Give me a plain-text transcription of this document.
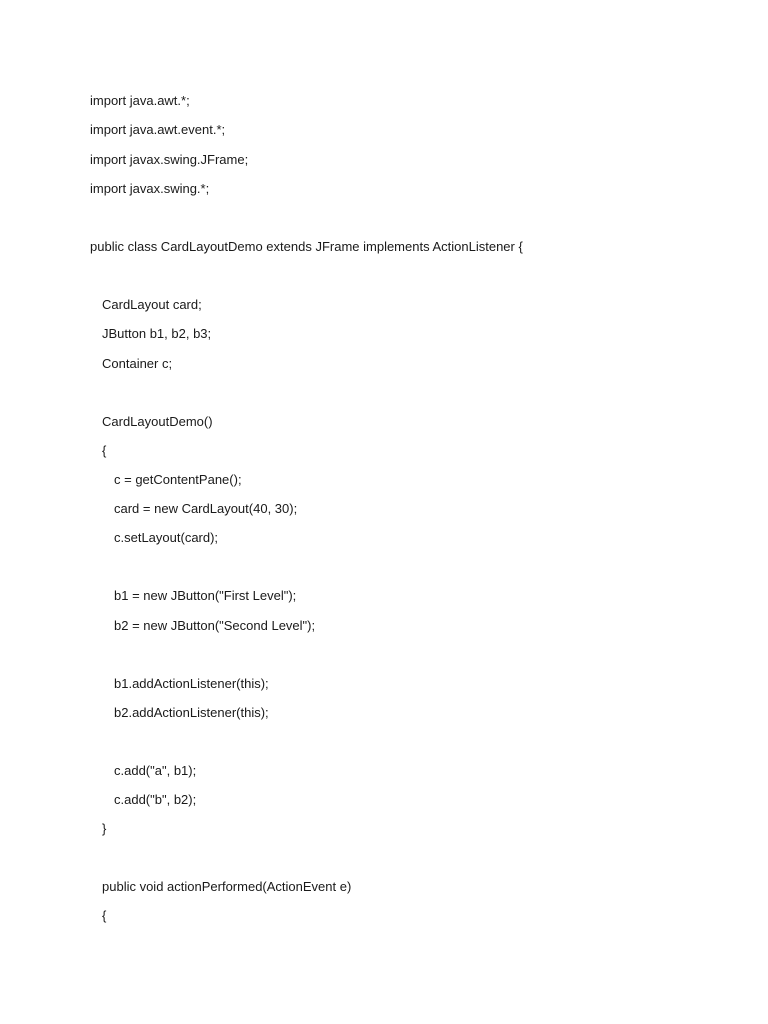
import java.awt.*;
import java.awt.event.*;
import javax.swing.JFrame;
import javax.swing.*;
public class CardLayoutDemo extends JFrame implements ActionListener {
CardLayout card;
JButton b1, b2, b3;
Container c;
CardLayoutDemo()
{
c = getContentPane();
card = new CardLayout(40, 30);
c.setLayout(card);
b1 = new JButton("First Level");
b2 = new JButton("Second Level");
b1.addActionListener(this);
b2.addActionListener(this);
c.add("a", b1);
c.add("b", b2);
}
public void actionPerformed(ActionEvent e)
{
